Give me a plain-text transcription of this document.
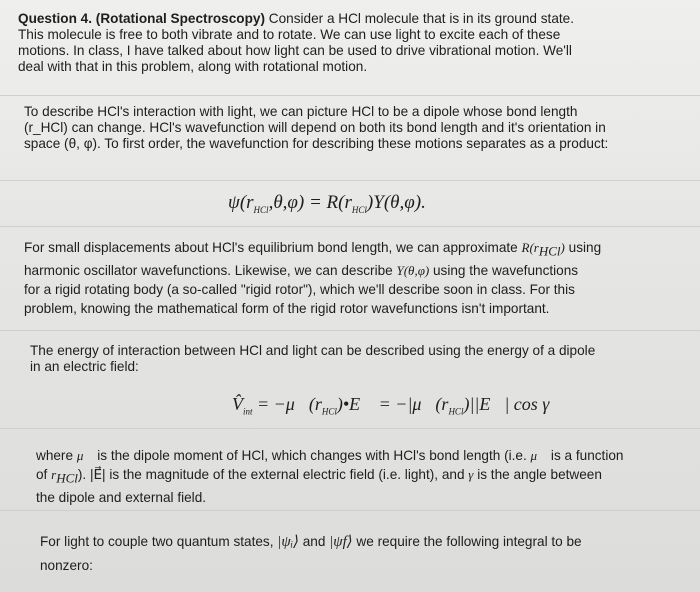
Question 4. (Rotational Spectroscopy) Consider a HCl molecule that is in its ground state.
This molecule is free to both vibrate and to rotate. We can use light to excite each of these
motions. In class, I have talked about how light can be used to drive vibrational motion. We'll
deal with that in this problem, along with rotational motion.
To describe HCl's interaction with light, we can picture HCl to be a dipole whose bond length
(r_HCl) can change. HCl's wavefunction will depend on both its bond length and it's orientation in
space (θ, φ). To first order, the wavefunction for describing these motions separates as a product:
$\psi(r_{HCl},\theta,\varphi) = R(r_{HCl})Y(\theta,\varphi)$.
For small displacements about HCl's equilibrium bond length, we can approximate $R(r_{HCl})$ using
harmonic oscillator wavefunctions. Likewise, we can describe Y(θ,φ) using the wavefunctions
for a rigid rotating body (a so-called "rigid rotor"), which we'll describe soon in class. For this
problem, knowing the mathematical form of the rigid rotor wavefunctions isn't important.
The energy of interaction between HCl and light can be described using the energy of a dipole
in an electric field:
$V̂_{int}$ = $-\mu⃗(r_{HCl})•E⃗$ = $-|\mu⃗(r_{HCl})||E⃗|$ cos γ
where μ⃗ is the dipole moment of HCl, which changes with HCl's bond length (i.e. μ⃗ is a function
of $r_{HCl}$). |E⃗| is the magnitude of the external electric field (i.e. light), and γ is the angle between
the dipole and external field.
For light to couple two quantum states, |ψᵢ⟩ and |ψf⟩ we require the following integral to be
nonzero:
